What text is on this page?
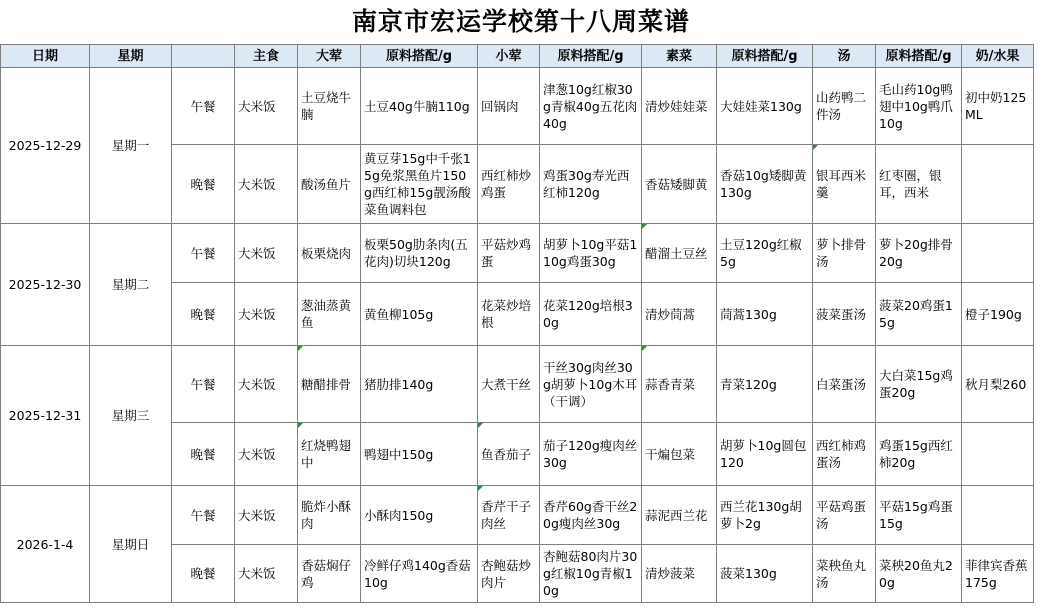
南京市宏运学校第十八周菜谱
日期	星期		主食	大荤	原料搭配/g	小荤	原料搭配/g	素菜	原料搭配/g	汤	原料搭配/g	奶/水果
2025-12-29	星期一	午餐	大米饭	土豆烧牛腩	土豆40g牛腩110g	回锅肉	津葱10g红椒30g青椒40g五花肉40g	清炒娃娃菜	大娃娃菜130g	山药鸭二件汤	毛山药10g鸭翅中10g鸭爪10g	初中奶125ML
		晚餐	大米饭	酸汤鱼片	黄豆芽15g中千张15g免浆黑鱼片150g西红柿15g靓汤酸菜鱼调料包	西红柿炒鸡蛋	鸡蛋30g寿光西红柿120g	香菇矮脚黄	香菇10g矮脚黄130g	银耳西米羹	红枣圈，银耳，西米	
2025-12-30	星期二	午餐	大米饭	板栗烧肉	板栗50g肋条肉(五花肉)切块120g	平菇炒鸡蛋	胡萝卜10g平菇110g鸡蛋30g	醋溜土豆丝	土豆120g红椒5g	萝卜排骨汤	萝卜20g排骨20g	
		晚餐	大米饭	葱油蒸黄鱼	黄鱼柳105g	花菜炒培根	花菜120g培根30g	清炒茼蒿	茼蒿130g	菠菜蛋汤	菠菜20鸡蛋15g	橙子190g
2025-12-31	星期三	午餐	大米饭	糖醋排骨	猪肋排140g	大煮干丝	干丝30g肉丝30g胡萝卜10g木耳（干调）	蒜香青菜	青菜120g	白菜蛋汤	大白菜15g鸡蛋20g	秋月梨260
		晚餐	大米饭	红烧鸭翅中	鸭翅中150g	鱼香茄子	茄子120g瘦肉丝30g	干煸包菜	胡萝卜10g圆包120	西红柿鸡蛋汤	鸡蛋15g西红柿20g	
2026-1-4	星期日	午餐	大米饭	脆炸小酥肉	小酥肉150g	香芹干子肉丝	香芹60g香干丝20g瘦肉丝30g	蒜泥西兰花	西兰花130g胡萝卜2g	平菇鸡蛋汤	平菇15g鸡蛋15g	
		晚餐	大米饭	香菇焖仔鸡	冷鲜仔鸡140g香菇10g	杏鲍菇炒肉片	杏鲍菇80肉片30g红椒10g青椒10g	清炒菠菜	菠菜130g	菜秧鱼丸汤	菜秧20鱼丸20g	菲律宾香蕉175g
